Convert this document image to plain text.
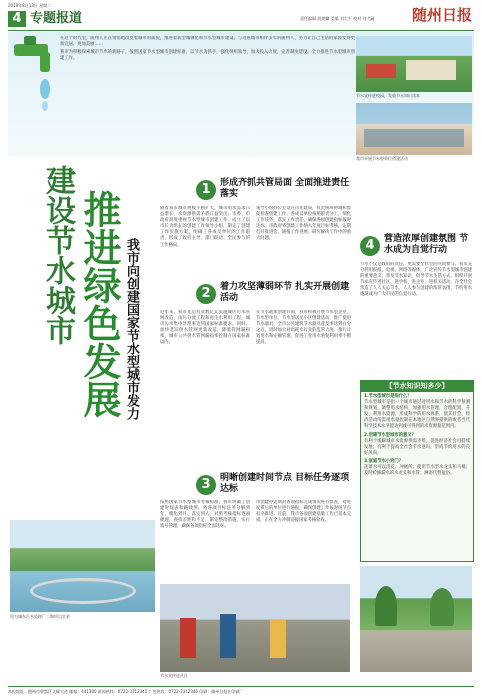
2019年8月13日 星期二
4 专题报道	责任编辑 胡焕麟 美编 刘大平 校对 刘弋嗣	随州日报
在这个时代里，随州人正在悄悄地改变着城市的面貌，推进着新型城镇化和节水型城市建设。与这座城市相伴多年的随州人，努力让自己生活的家园变得更加宜居、更加美丽……
我市为积极探索城市节水的新路子，按照国家节水型城市创建标准，以节水为抓手，强化组织领导，加大投入力度，完善制度建设，全力推进节水型城市创建工作。
节水宣传进校园，发放节水知识读本
我市开展节水型单位创建活动
建设节水城市 推进绿色发展 我市向创建国家节水型城市发力
图为城东污水处理厂二期项目实景
1	形成齐抓共管局面 全面推进责任落实
随着我市城市规模不断扩大，城市用水需求日益增长，水资源供需矛盾日益突出。市委、市政府高度重视节水型城市创建工作，成立了以市长为组长的创建工作领导小组，制定了创建工作实施方案，明确了各成员单位的工作职责，形成了政府主导、部门联动、全民参与的工作格局。
领导小组办公室设在市住建局，负责统筹协调和督促检查创建工作。各成员单位按照职责分工，细化工作任务，落实工作责任，确保各项创建指标按时达标。市政府将创建工作纳入年度目标考核，定期召开推进会，通报工作进展，研究解决工作中的重大问题。
2	着力攻坚薄弱环节 扎实开展创建活动
近年来，我市先后投资数亿元实施城区污水管网改造、雨污分流工程和再生水利用工程，城市污水集中处理率达到国家标准要求。同时，加快老旧供水管网更新改造，降低管网漏损率，城市公共供水管网漏损率控制在国家标准以内。
在节水载体创建方面，我市积极开展节水型企业、节水型单位、节水型居民小区创建活动，推广使用节水器具，全市公共建筑节水器具普及率达到百分之百。同时加大对高耗水行业的监管力度，推行计划用水和定额管理，促进工业用水重复利用率不断提高。
3	明晰创建时间节点 目标任务逐项达标
按照国家节水型城市考核标准，我市明确了创建时间表和路线图，将各项目标任务分解到年、细化到月、落实到人。对照考核指标逐项梳理，查找差距和不足，制定整改措施，实行销号管理，确保各项指标全面达标。
市创建办定期对各项指标完成情况进行督查，对进度滞后的单位进行通报，确保创建工作按时间节点有序推进。目前，我市各项创建基础工作已基本完成，正在全力冲刺迎接国家考核验收。
节水宣传进社区
4	营造浓厚创建氛围 节水成为自觉行动
节水不仅是政府的责任，更需要全社会的共同参与。我市充分利用报纸、电视、网络等媒体，广泛宣传节水型城市创建的重要意义，普及节水知识，倡导节水生活方式。组织开展节水宣传进社区、进学校、进企业、进机关活动，在全社会营造了人人关心节水、人人参与创建的浓厚氛围，节约用水逐渐成为广大市民的自觉行动。
【节水知识知多少】
1.节水型城市是指什么？
节水型城市是指一个城市通过对用水和节水的科学预测和规划，调整用水结构，加强用水管理，合理配置、开发、利用水资源，形成科学的用水体系，使其社会、经济活动所需用水量控制在本地区自然界提供的或者当代科学技术水平能达到或可得到的水资源量范围内。
2.创建节水型城市的意义？
有利于缓解城市水资源供需矛盾，促进经济社会可持续发展；有利于提高全社会节水意识，形成节约用水的良好风尚。
3.家庭节水小窍门？
洗菜水可以浇花、冲厕所；使用节水型水龙头和马桶；及时检修漏水的水龙头和水管；淋浴代替盆浴。
本报地址：随州市曾都区文峰大道 邮编：441300 新闻热线：0722-3312345 广告热线：0722-3312346 印刷：随州日报社印刷厂
